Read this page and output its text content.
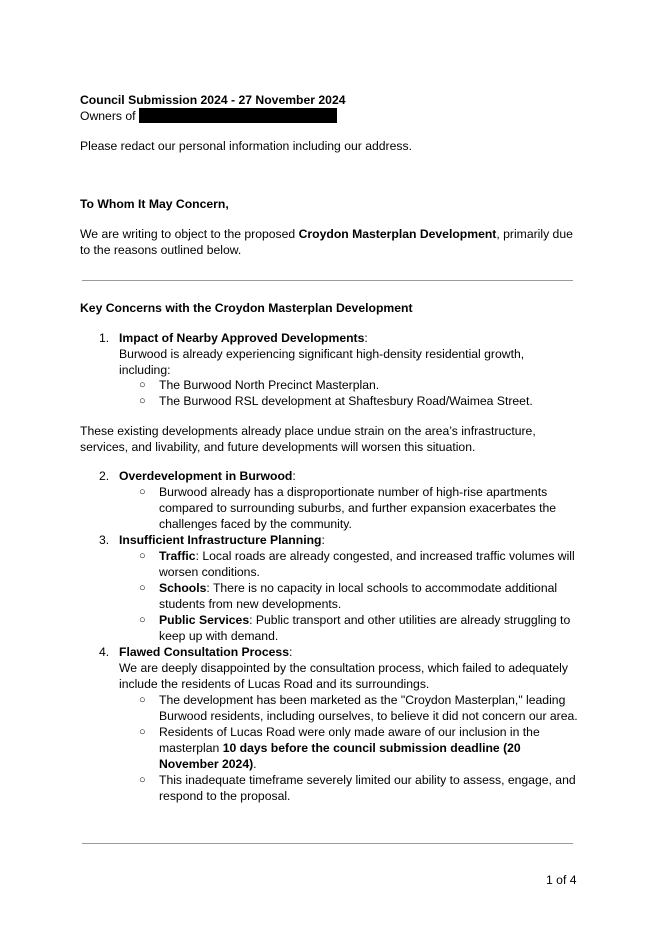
Council Submission 2024 - 27 November 2024

Owners of

Please redact our personal information including our address.

To Whom It May Concern,

We are writing to object to the proposed Croydon Masterplan Development, primarily due

to the reasons outlined below.

Key Concerns with the Croydon Masterplan Development

1. Impact of Nearby Approved Developments:

Burwood is already experiencing significant high-density residential growth,

including:

○ The Burwood North Precinct Masterplan.

○ The Burwood RSL development at Shaftesbury Road/Waimea Street.

These existing developments already place undue strain on the area’s infrastructure,

services, and livability, and future developments will worsen this situation.

2. Overdevelopment in Burwood:

○ Burwood already has a disproportionate number of high-rise apartments

compared to surrounding suburbs, and further expansion exacerbates the

challenges faced by the community.

3. Insufficient Infrastructure Planning:

○ Traffic: Local roads are already congested, and increased traffic volumes will

worsen conditions.

○ Schools: There is no capacity in local schools to accommodate additional

students from new developments.

○ Public Services: Public transport and other utilities are already struggling to

keep up with demand.

4. Flawed Consultation Process:

We are deeply disappointed by the consultation process, which failed to adequately

include the residents of Lucas Road and its surroundings.

○ The development has been marketed as the "Croydon Masterplan," leading

Burwood residents, including ourselves, to believe it did not concern our area.

○ Residents of Lucas Road were only made aware of our inclusion in the

masterplan 10 days before the council submission deadline (20

November 2024).

○ This inadequate timeframe severely limited our ability to assess, engage, and

respond to the proposal.

1 of 4
